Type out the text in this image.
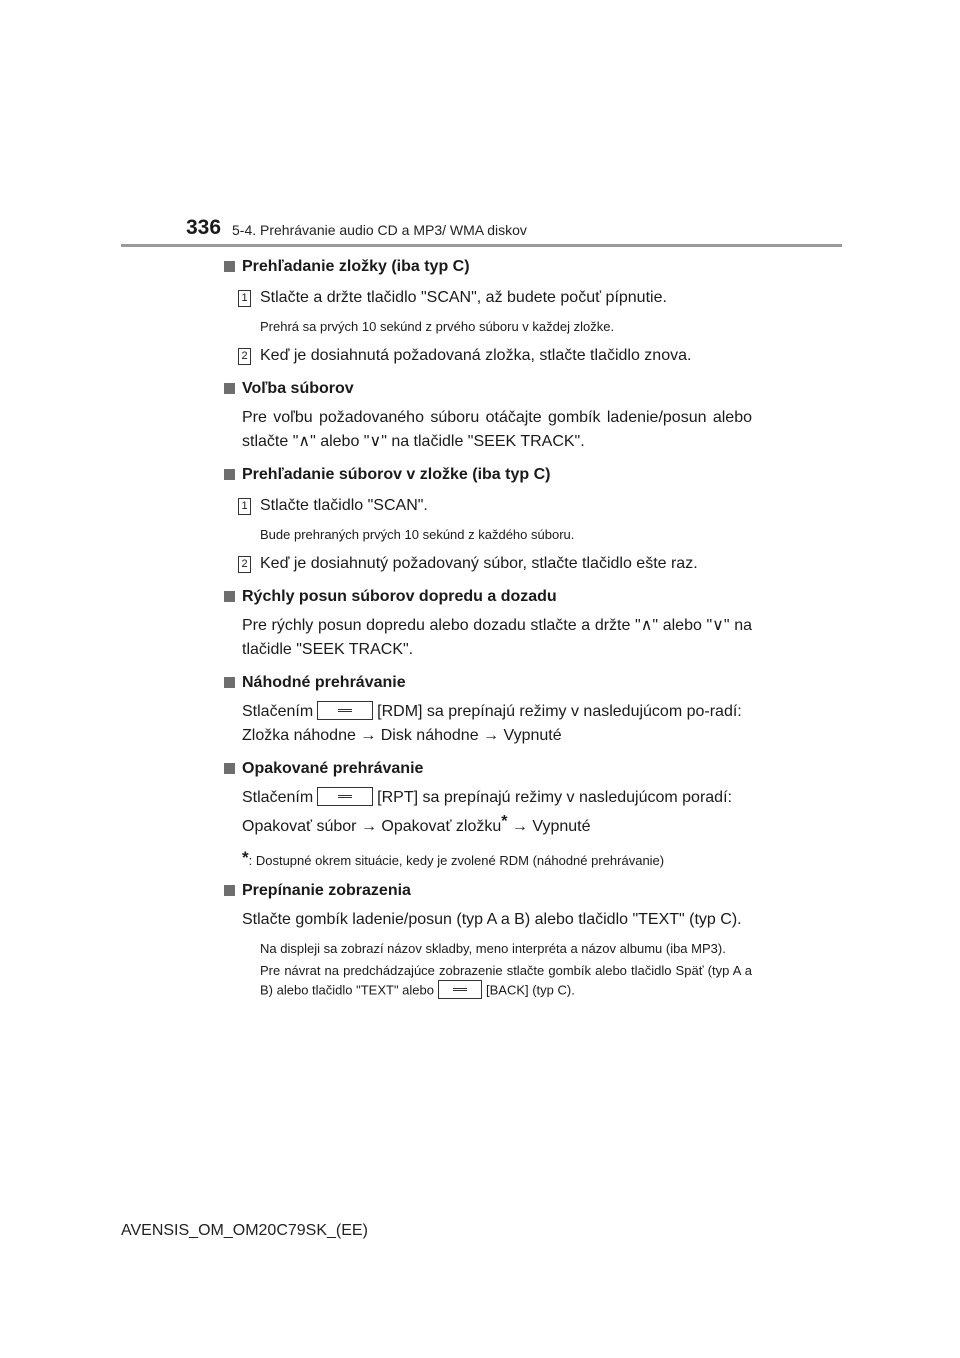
336 5-4. Prehrávanie audio CD a MP3/ WMA diskov
Prehľadanie zložky (iba typ C)
1 Stlačte a držte tlačidlo "SCAN", až budete počuť pípnutie.
Prehrá sa prvých 10 sekúnd z prvého súboru v každej zložke.
2 Keď je dosiahnutá požadovaná zložka, stlačte tlačidlo znova.
Voľba súborov
Pre voľbu požadovaného súboru otáčajte gombík ladenie/posun alebo stlačte "∧" alebo "∨" na tlačidle "SEEK TRACK".
Prehľadanie súborov v zložke (iba typ C)
1 Stlačte tlačidlo "SCAN".
Bude prehraných prvých 10 sekúnd z každého súboru.
2 Keď je dosiahnutý požadovaný súbor, stlačte tlačidlo ešte raz.
Rýchly posun súborov dopredu a dozadu
Pre rýchly posun dopredu alebo dozadu stlačte a držte "∧" alebo "∨" na tlačidle "SEEK TRACK".
Náhodné prehrávanie
Stlačením	[RDM] sa prepínajú režimy v nasledujúcom po-radí:
Zložka náhodne → Disk náhodne → Vypnuté
Opakované prehrávanie
Stlačením	[RPT] sa prepínajú režimy v nasledujúcom poradí:
Opakovať súbor → Opakovať zložku* → Vypnuté
*: Dostupné okrem situácie, kedy je zvolené RDM (náhodné prehrávanie)
Prepínanie zobrazenia
Stlačte gombík ladenie/posun (typ A a B) alebo tlačidlo "TEXT" (typ C).
Na displeji sa zobrazí názov skladby, meno interpréta a názov albumu (iba MP3).
Pre návrat na predchádzajúce zobrazenie stlačte gombík alebo tlačidlo Späť (typ A a B) alebo tlačidlo "TEXT" alebo	[BACK] (typ C).
AVENSIS_OM_OM20C79SK_(EE)
